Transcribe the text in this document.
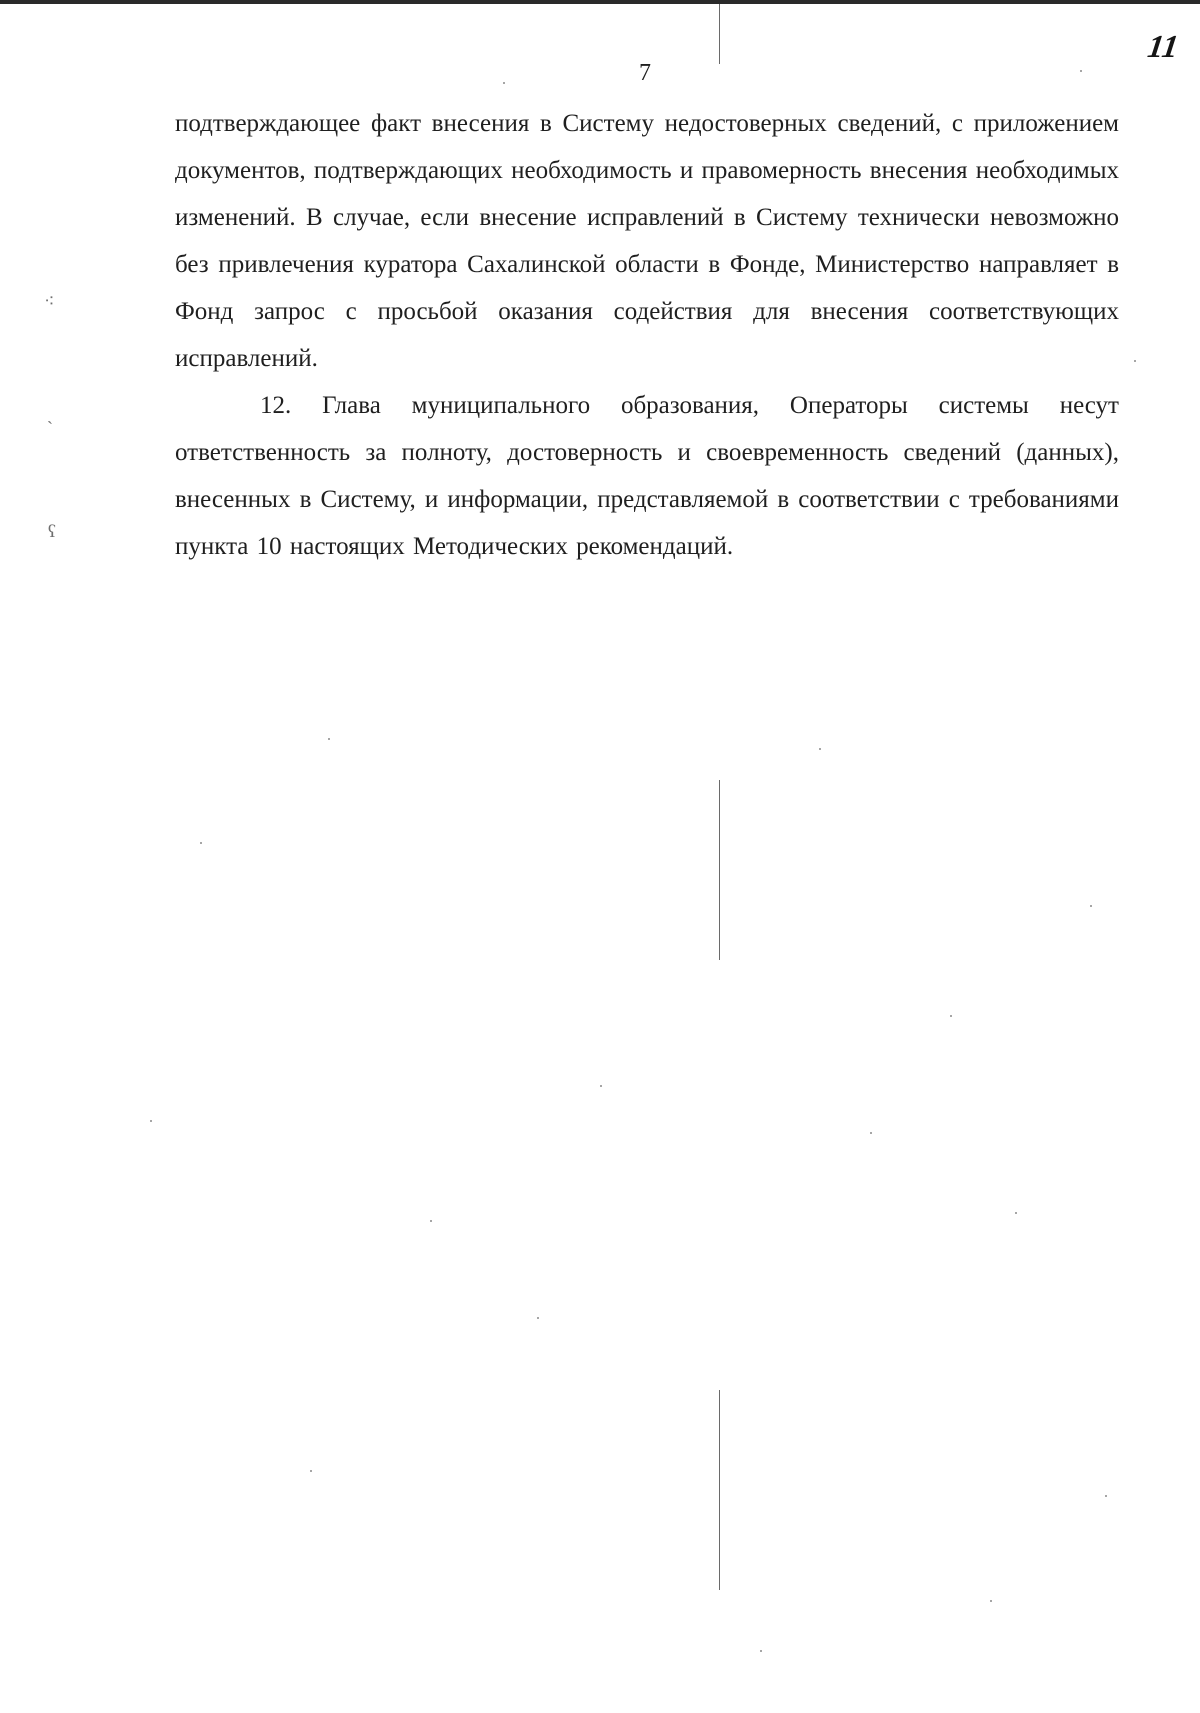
7
11

подтверждающее факт внесения в Систему недостоверных сведений, с приложением документов, подтверждающих необходимость и правомерность внесения необходимых изменений. В случае, если внесение исправлений в Систему технически невозможно без привлечения куратора Сахалинской области в Фонде, Министерство направляет в Фонд запрос с просьбой оказания содействия для внесения соответствующих исправлений.

12. Глава муниципального образования, Операторы системы несут ответственность за полноту, достоверность и своевременность сведений (данных), внесенных в Систему, и информации, представляемой в соответствии с требованиями пункта 10 настоящих Методических рекомендаций.

⁖
ˎ
ʕ
